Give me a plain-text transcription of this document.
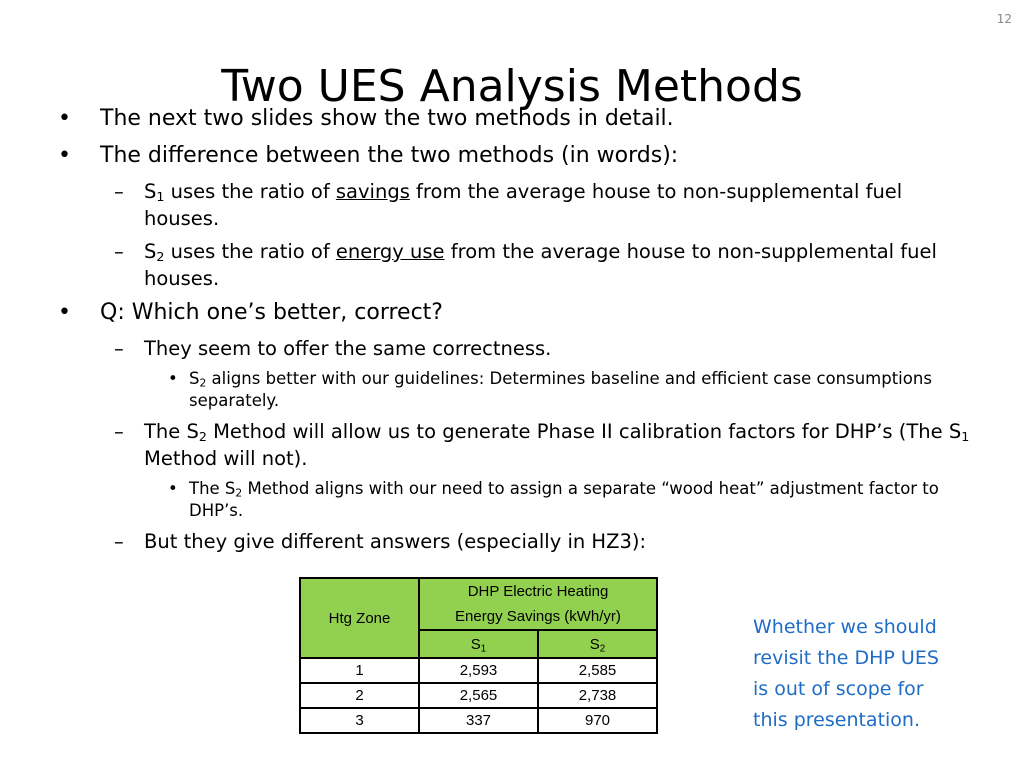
12
Two UES Analysis Methods
• The next two slides show the two methods in detail.
• The difference between the two methods (in words):
– $S_1$ uses the ratio of savings from the average house to non-supplemental fuel houses.
– $S_2$ uses the ratio of energy use from the average house to non-supplemental fuel houses.
• Q: Which one’s better, correct?
– They seem to offer the same correctness.
• $S_2$ aligns better with our guidelines: Determines baseline and efficient case consumptions separately.
– The $S_2$ Method will allow us to generate Phase II calibration factors for DHP’s (The $S_1$ Method will not).
• The $S_2$ Method aligns with our need to assign a separate “wood heat” adjustment factor to DHP’s.
– But they give different answers (especially in HZ3):
Htg Zone	DHP Electric Heating
Energy Savings (kWh/yr)	

	$S_1$	$S_2$
1	2,593	2,585
2	2,565	2,738
3	337	970
Whether we should
revisit the DHP UES
is out of scope for
this presentation.
